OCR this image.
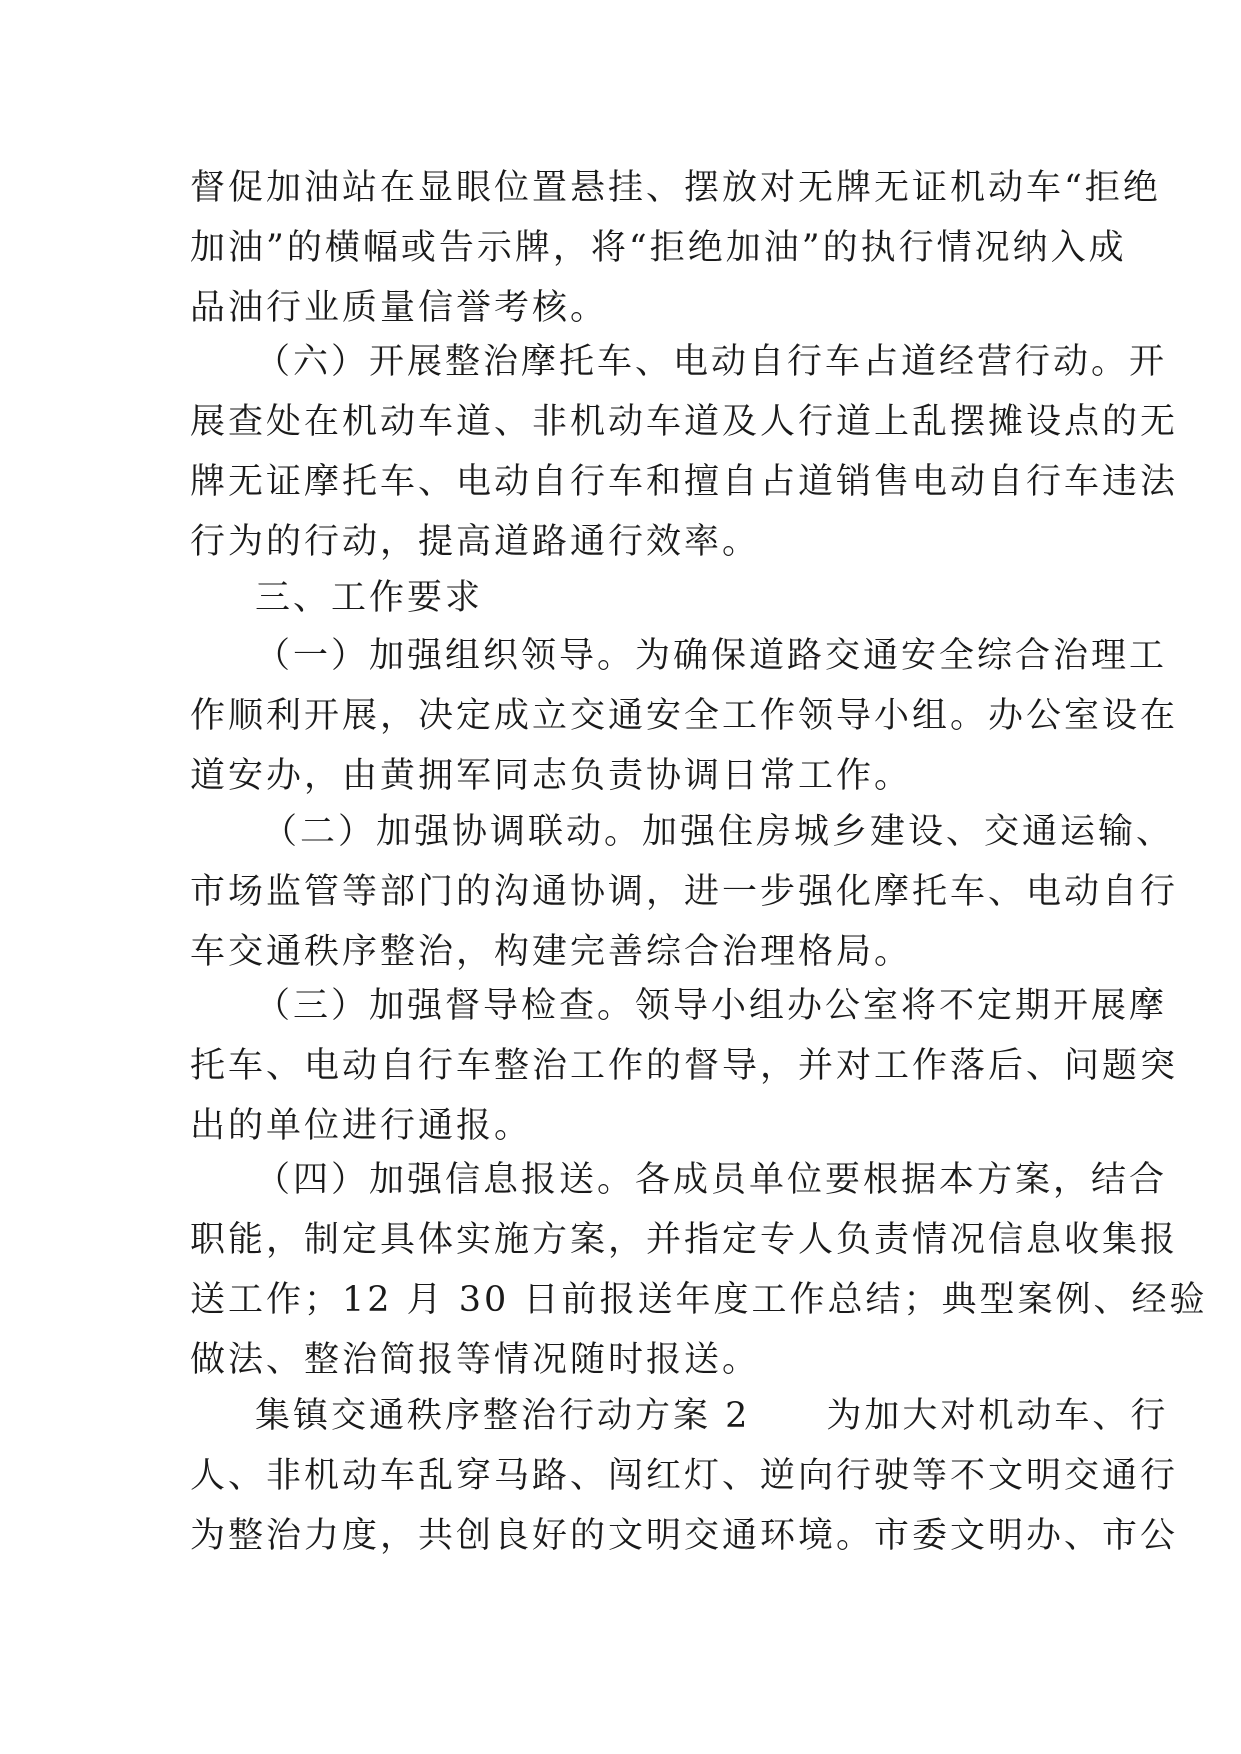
督促加油站在显眼位置悬挂、摆放对无牌无证机动车“拒绝
加油”的横幅或告示牌，将“拒绝加油”的执行情况纳入成
品油行业质量信誉考核。
（六）开展整治摩托车、电动自行车占道经营行动。开
展查处在机动车道、非机动车道及人行道上乱摆摊设点的无
牌无证摩托车、电动自行车和擅自占道销售电动自行车违法
行为的行动，提高道路通行效率。
三、工作要求
（一）加强组织领导。为确保道路交通安全综合治理工
作顺利开展，决定成立交通安全工作领导小组。办公室设在
道安办，由黄拥军同志负责协调日常工作。
（二）加强协调联动。加强住房城乡建设、交通运输、
市场监管等部门的沟通协调，进一步强化摩托车、电动自行
车交通秩序整治，构建完善综合治理格局。
（三）加强督导检查。领导小组办公室将不定期开展摩
托车、电动自行车整治工作的督导，并对工作落后、问题突
出的单位进行通报。
（四）加强信息报送。各成员单位要根据本方案，结合
职能，制定具体实施方案，并指定专人负责情况信息收集报
送工作；12 月 30 日前报送年度工作总结；典型案例、经验
做法、整治简报等情况随时报送。
集镇交通秩序整治行动方案 2　　为加大对机动车、行
人、非机动车乱穿马路、闯红灯、逆向行驶等不文明交通行
为整治力度，共创良好的文明交通环境。市委文明办、市公
